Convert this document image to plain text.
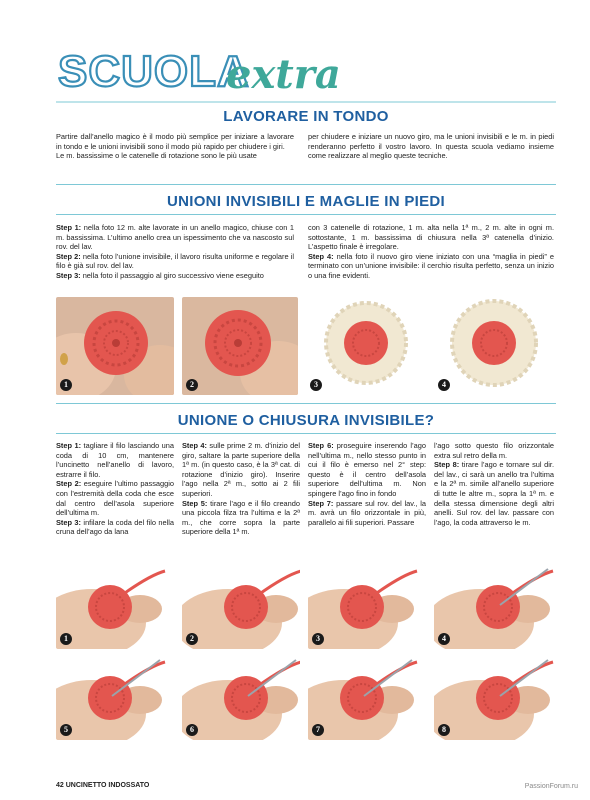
SCUOLA
extra
LAVORARE IN TONDO

Partire dall’anello magico è il modo più semplice per iniziare a lavorare in tondo e le unioni invisibili sono il modo più rapido per chiudere i giri.

Le m. bassissime o le catenelle di rotazione sono le più usate

per chiudere e iniziare un nuovo giro, ma le unioni invisibili e le m. in piedi renderanno perfetto il vostro lavoro. In questa scuola vediamo insieme come realizzare al meglio queste tecniche.

UNIONI INVISIBILI E MAGLIE IN PIEDI

Step 1: nella foto 12 m. alte lavorate in un anello magico, chiuse con 1 m. bassissima. L’ultimo anello crea un ispessimento che va nascosto sul rov. del lav.

Step 2: nella foto l’unione invisibile, il lavoro risulta uniforme e regolare il filo è già sul rov. del lav.

Step 3: nella foto il passaggio al giro successivo viene eseguito

con 3 catenelle di rotazione, 1 m. alta nella 1ª m., 2 m. alte in ogni m. sottostante, 1 m. bassissima di chiusura nella 3ª catenella d’inizio. L’aspetto finale è irregolare.

Step 4: nella foto il nuovo giro viene iniziato con una “maglia in piedi” e terminato con un’unione invisibile: il cerchio risulta perfetto, senza un inizio o una fine evidenti.

1	2	3	4
UNIONE O CHIUSURA INVISIBILE?

Step 1: tagliare il filo lasciando una coda di 10 cm, mantenere l’uncinetto nell’anello di lavoro, estrarre il filo.

Step 2: eseguire l’ultimo passaggio con l’estremità della coda che esce dal centro dell’asola superiore dell’ultima m.

Step 3: infilare la coda del filo nella cruna dell’ago da lana

Step 4: sulle prime 2 m. d’inizio del giro, saltare la parte superiore della 1ª m. (in questo caso, è la 3ª cat. di rotazione d’inizio giro). Inserire l’ago nella 2ª m., sotto ai 2 fili superiori.

Step 5: tirare l’ago e il filo creando una piccola filza tra l’ultima e la 2ª m., che corre sopra la parte superiore della 1ª m.

Step 6: proseguire inserendo l’ago nell’ultima m., nello stesso punto in cui il filo è emerso nel 2° step: questo è il centro dell’asola superiore dell’ultima m. Non spingere l’ago fino in fondo

Step 7: passare sul rov. del lav., la m. avrà un filo orizzontale in più, parallelo ai fili superiori. Passare

l’ago sotto questo filo orizzontale extra sul retro della m.

Step 8: tirare l’ago e tornare sul dir. del lav., ci sarà un anello tra l’ultima e la 2ª m. simile all’anello superiore di tutte le altre m., sopra la 1ª m. e della stessa dimensione degli altri anelli. Sul rov. del lav. passare con l’ago, la coda attraverso le m.

1	2	3	4
5	6	7	8
42 UNCINETTO INDOSSATO	PassionForum.ru
